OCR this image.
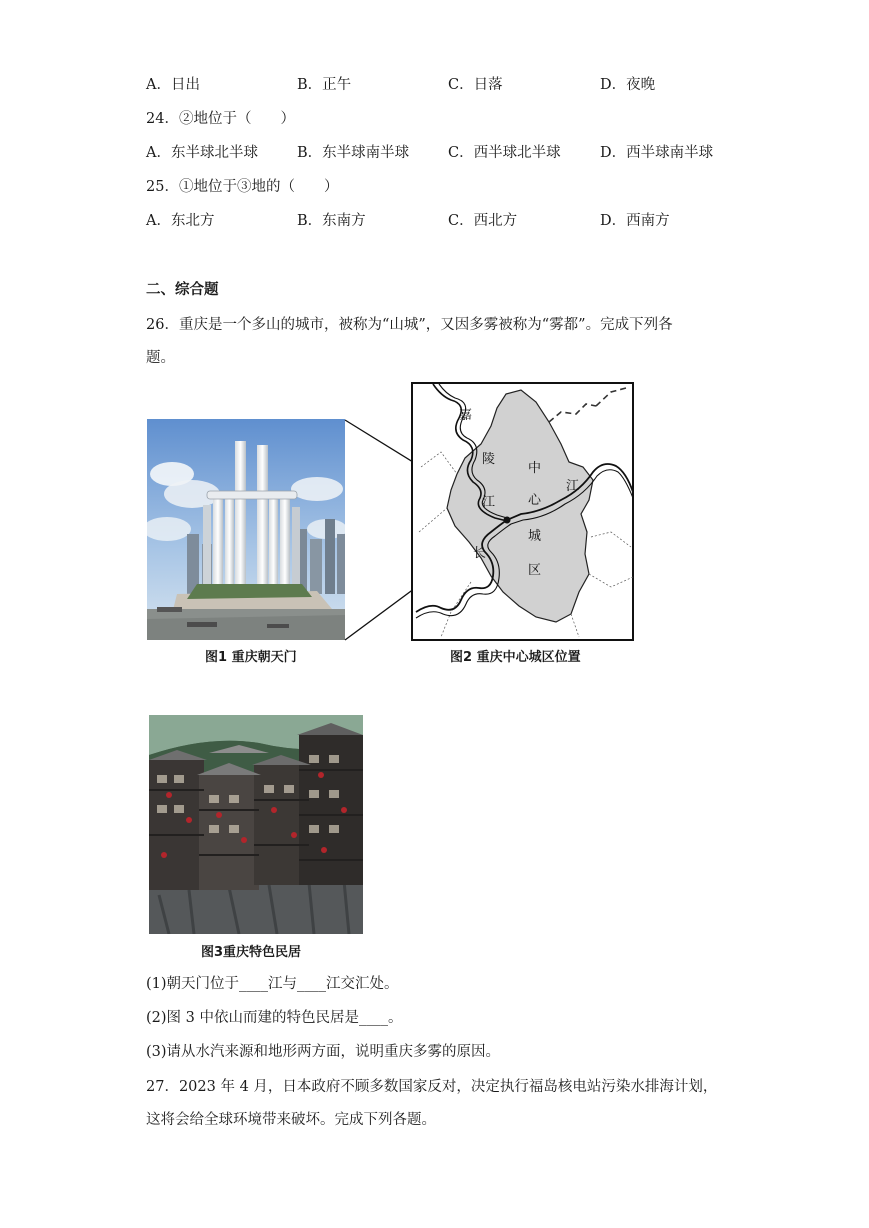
A．日出	B．正午	C．日落	D．夜晚
24．②地位于（　　）
A．东半球北半球	B．东半球南半球	C．西半球北半球	D．西半球南半球
25．①地位于③地的（　　）
A．东北方	B．东南方	C．西北方	D．西南方
二、综合题
26．重庆是一个多山的城市，被称为“山城”，又因多雾被称为“雾都”。完成下列各
题。
嘉
陵
江
中
心
城
区
长
江
图1 重庆朝天门	图2 重庆中心城区位置
图3重庆特色民居
(1)朝天门位于____江与____江交汇处。
(2)图 3 中依山而建的特色民居是____。
(3)请从水汽来源和地形两方面，说明重庆多雾的原因。
27．2023 年 4 月，日本政府不顾多数国家反对，决定执行福岛核电站污染水排海计划，
这将会给全球环境带来破坏。完成下列各题。
